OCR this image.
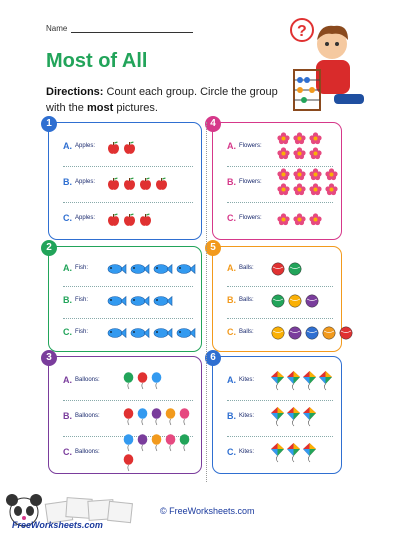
Name
Most of All
Directions: Count each group. Circle the group with the most pictures.
?
1
A. Apples:
B. Apples:
C. Apples:
4
A. Flowers:
B. Flowers:
C. Flowers:
2
A. Fish:
B. Fish:
C. Fish:
5
A. Balls:
B. Balls:
C. Balls:
3
A. Balloons:
B. Balloons:
C. Balloons:
6
A. Kites:
B. Kites:
C. Kites:
FreeWorksheets.com
© FreeWorksheets.com
